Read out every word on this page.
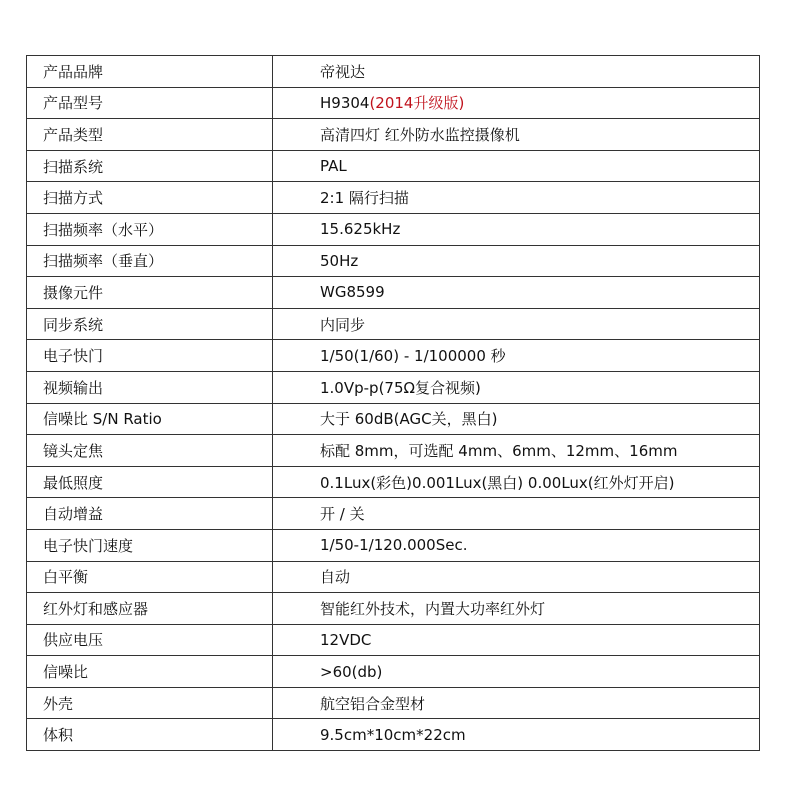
产品品牌	帝视达
产品型号	H9304(2014升级版)
产品类型	高清四灯 红外防水监控摄像机
扫描系统	PAL
扫描方式	2:1 隔行扫描
扫描频率（水平）	15.625kHz
扫描频率（垂直）	50Hz
摄像元件	WG8599
同步系统	内同步
电子快门	1/50(1/60) - 1/100000 秒
视频输出	1.0Vp-p(75Ω复合视频)
信噪比 S/N Ratio	大于 60dB(AGC关，黑白)
镜头定焦	标配 8mm，可选配 4mm、6mm、12mm、16mm
最低照度	0.1Lux(彩色)0.001Lux(黑白) 0.00Lux(红外灯开启)
自动增益	开 / 关
电子快门速度	1/50-1/120.000Sec.
白平衡	自动
红外灯和感应器	智能红外技术，内置大功率红外灯
供应电压	12VDC
信噪比	>60(db)
外壳	航空铝合金型材
体积	9.5cm*10cm*22cm
